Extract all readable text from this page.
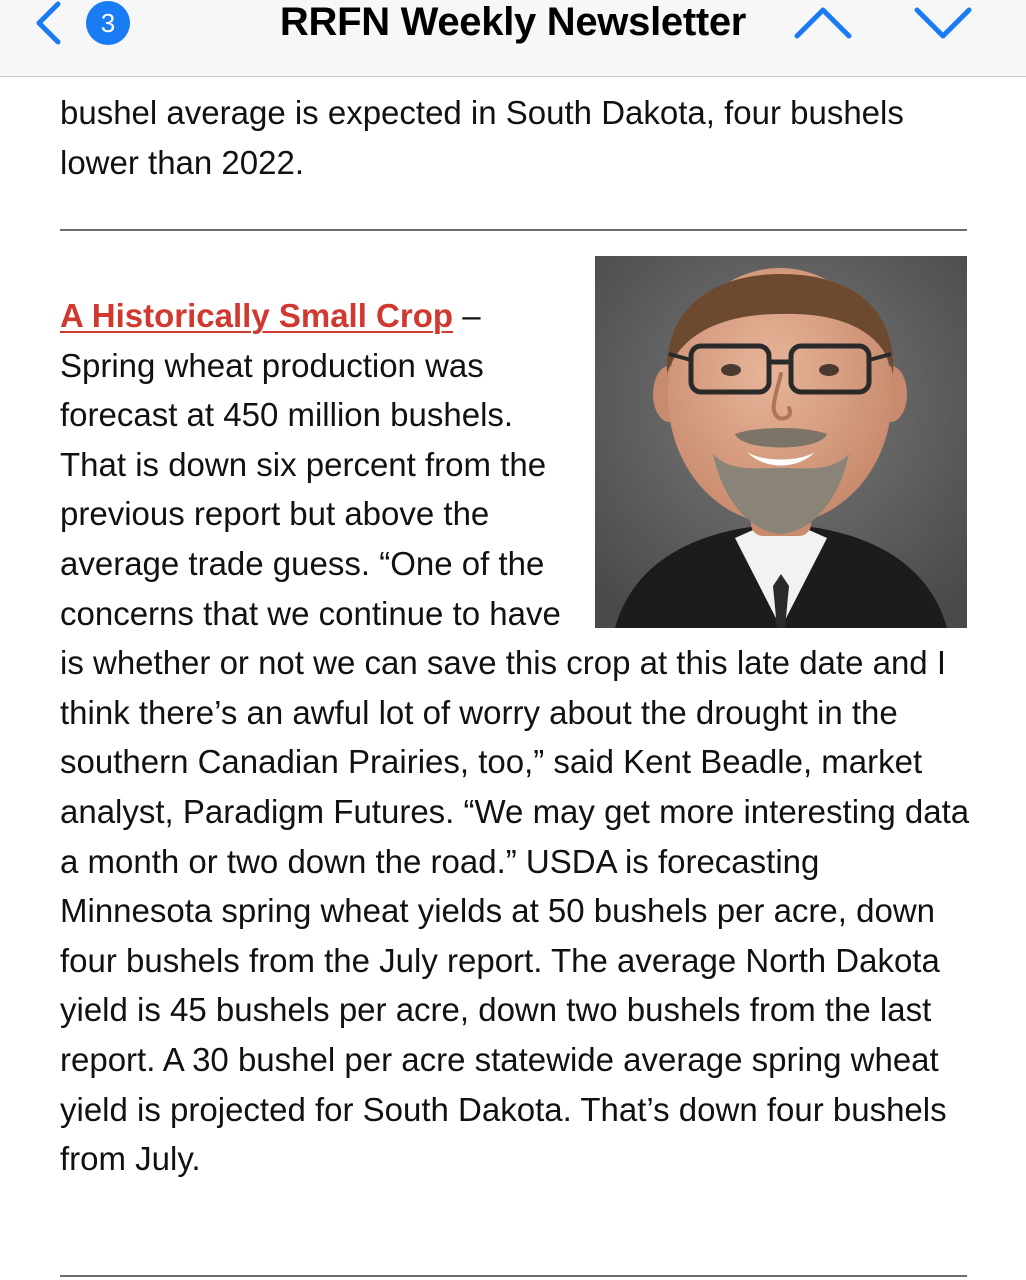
3	RRFN Weekly Newsletter

bushel average is expected in South Dakota, four bushels lower than 2022.

A Historically Small Crop – Spring wheat production was forecast at 450 million bushels. That is down six percent from the previous report but above the average trade guess. “One of the concerns that we continue to have is whether or not we can save this crop at this late date and I think there’s an awful lot of worry about the drought in the southern Canadian Prairies, too,” said Kent Beadle, market analyst, Paradigm Futures. “We may get more interesting data a month or two down the road.” USDA is forecasting Minnesota spring wheat yields at 50 bushels per acre, down four bushels from the July report. The average North Dakota yield is 45 bushels per acre, down two bushels from the last report. A 30 bushel per acre statewide average spring wheat yield is projected for South Dakota. That’s down four bushels from July.
